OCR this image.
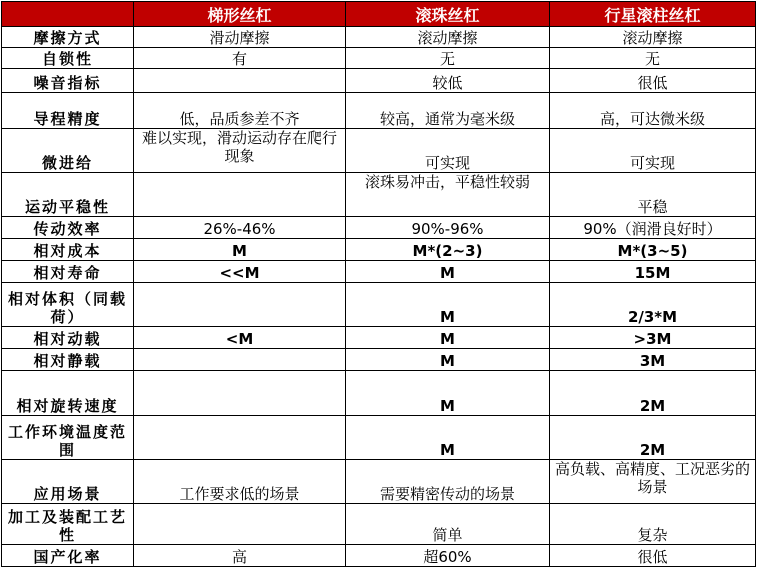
	梯形丝杠	滚珠丝杠	行星滚柱丝杠
摩擦方式	滑动摩擦	滚动摩擦	滚动摩擦
自锁性	有	无	无
噪音指标		较低	很低
导程精度	低，品质参差不齐	较高，通常为毫米级	高，可达微米级
微进给	难以实现，滑动运动存在爬行现象	可实现	可实现
运动平稳性		滚珠易冲击，平稳性较弱	平稳
传动效率	26%-46%	90%-96%	90%（润滑良好时）
相对成本	M	M*(2~3)	M*(3~5)
相对寿命	<<M	M	15M
相对体积（同载荷）		M	2/3*M
相对动载	<M	M	>3M
相对静载		M	3M
相对旋转速度		M	2M
工作环境温度范围		M	2M
应用场景	工作要求低的场景	需要精密传动的场景	高负载、高精度、工况恶劣的场景
加工及装配工艺性		简单	复杂
国产化率	高	超60%	很低
